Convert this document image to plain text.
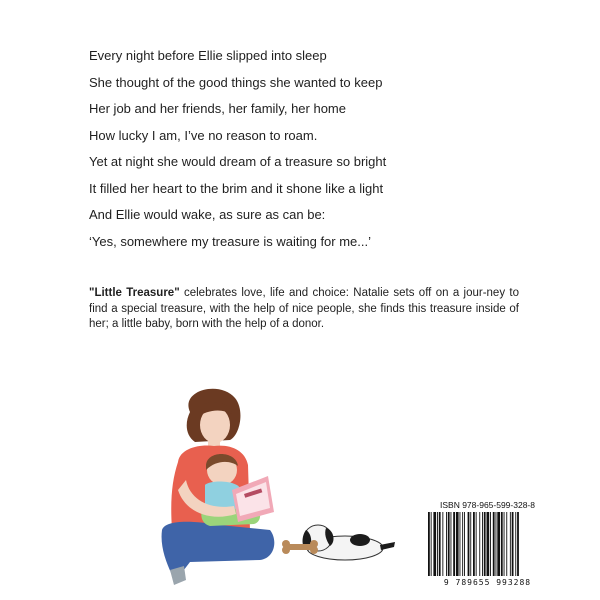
Every night before Ellie slipped into sleep
She thought of the good things she wanted to keep
Her job and her friends, her family, her home
How lucky I am, I’ve no reason to roam.
Yet at night she would dream of a treasure so bright
It filled her heart to the brim and it shone like a light
And Ellie would wake, as sure as can be:
‘Yes, somewhere my treasure is waiting for me...’
"Little Treasure" celebrates love, life and choice: Natalie sets off on a jour-ney to find a special treasure, with the help of nice people, she finds this treasure inside of her; a little baby, born with the help of a donor.
ISBN 978-965-599-328-8
9 789655 993288
